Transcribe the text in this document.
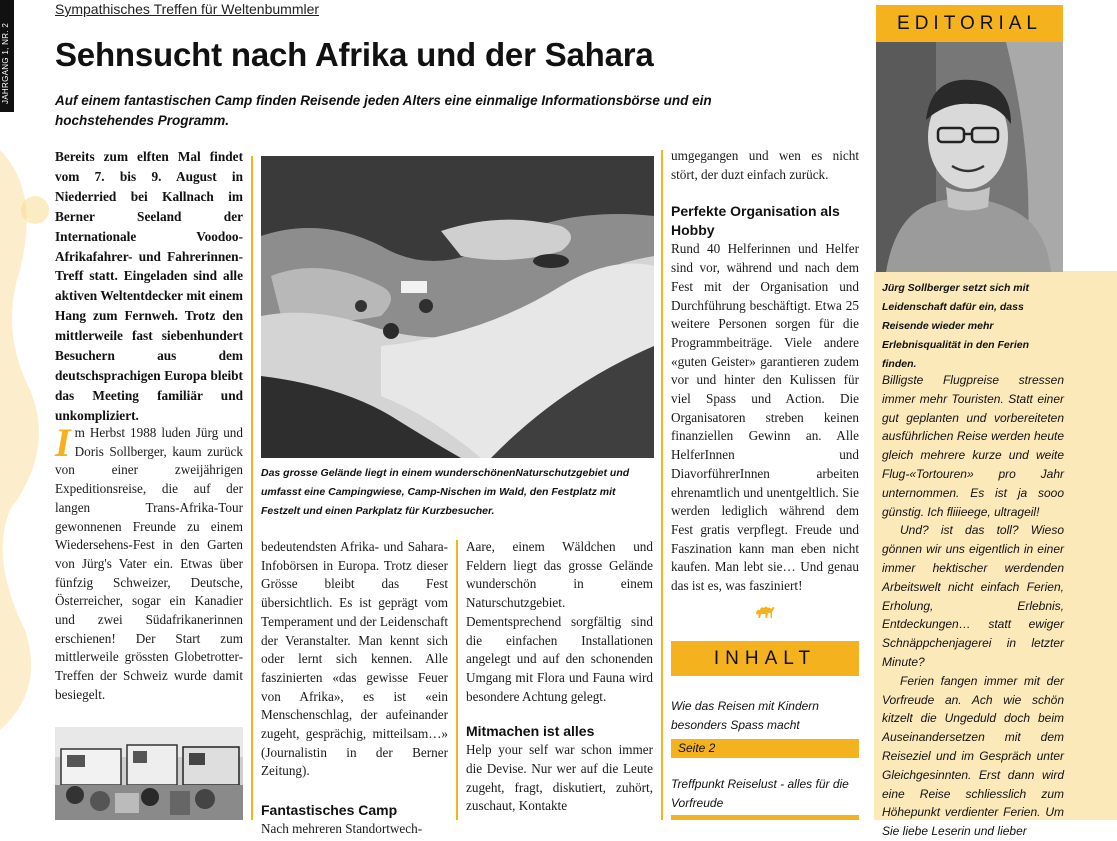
JAHRGANG 1, NR. 2
Sympathisches Treffen für Weltenbummler
Sehnsucht nach Afrika und der Sahara
Auf einem fantastischen Camp finden Reisende jeden Alters eine einmalige Informationsbörse und ein hochstehendes Programm.
Bereits zum elften Mal findet vom 7. bis 9. August in Niederried bei Kallnach im Berner Seeland der Internationale Voodoo-Afrikafahrer- und Fahrerinnen-Treff statt. Eingeladen sind alle aktiven Weltentdecker mit einem Hang zum Fernweh. Trotz den mittlerweile fast siebenhundert Besuchern aus dem deutschsprachigen Europa bleibt das Meeting familiär und unkompliziert.

Im Herbst 1988 luden Jürg und Doris Sollberger, kaum zurück von einer zweijährigen Expeditionsreise, die auf der langen Trans-Afrika-Tour gewonnenen Freunde zu einem Wiedersehens-Fest in den Garten von Jürg's Vater ein. Etwas über fünfzig Schweizer, Deutsche, Österreicher, sogar ein Kanadier und zwei Südafrikanerinnen erschienen! Der Start zum mittlerweile grössten Globetrotter-Treffen der Schweiz wurde damit besiegelt.

Das grosse Gelände liegt in einem wunderschönenNaturschutzgebiet und umfasst eine Campingwiese, Camp-Nischen im Wald, den Festplatz mit Festzelt und einen Parkplatz für Kurzbesucher.

bedeutendsten Afrika- und Sahara-Infobörsen in Europa. Trotz dieser Grösse bleibt das Fest übersichtlich. Es ist geprägt vom Temperament und der Leidenschaft der Veranstalter. Man kennt sich oder lernt sich kennen. Alle faszinierten «das gewisse Feuer von Afrika», es ist «ein Menschenschlag, der aufeinander zugeht, gesprächig, mitteilsam…» (Journalistin in der Berner Zeitung).

Fantastisches Camp

Nach mehreren Standortwech-

Aare, einem Wäldchen und Feldern liegt das grosse Gelände wunderschön in einem Naturschutzgebiet. Dementsprechend sorgfältig sind die einfachen Installationen angelegt und auf den schonenden Umgang mit Flora und Fauna wird besondere Achtung gelegt.

Mitmachen ist alles

Help your self war schon immer die Devise. Nur wer auf die Leute zugeht, fragt, diskutiert, zuhört, zuschaut, Kontakte

umgegangen und wen es nicht stört, der duzt einfach zurück.

Perfekte Organisation als Hobby

Rund 40 Helferinnen und Helfer sind vor, während und nach dem Fest mit der Organisation und Durchführung beschäftigt. Etwa 25 weitere Personen sorgen für die Programmbeiträge. Viele andere «guten Geister» garantieren zudem vor und hinter den Kulissen für viel Spass und Action. Die Organisatoren streben keinen finanziellen Gewinn an. Alle HelferInnen und DiavorführerInnen arbeiten ehrenamtlich und unentgeltlich. Sie werden lediglich während dem Fest gratis verpflegt. Freude und Faszination kann man eben nicht kaufen. Man lebt sie… Und genau das ist es, was fasziniert!

INHALT
Wie das Reisen mit Kindern besonders Spass macht
Seite 2
Treffpunkt Reiselust - alles für die Vorfreude
EDITORIAL
Jürg Sollberger setzt sich mit Leidenschaft dafür ein, dass Reisende wieder mehr Erlebnisqualität in den Ferien finden.

Billigste Flugpreise stressen immer mehr Touristen. Statt einer gut geplanten und vorbereiteten ausführlichen Reise werden heute gleich mehrere kurze und weite Flug-«Tortouren» pro Jahr unternommen. Es ist ja sooo günstig. Ich fliiieege, ultrageil!

Und? ist das toll? Wieso gönnen wir uns eigentlich in einer immer hektischer werdenden Arbeitswelt nicht einfach Ferien, Erholung, Erlebnis, Entdeckungen… statt ewiger Schnäppchenjagerei in letzter Minute?

Ferien fangen immer mit der Vorfreude an. Ach wie schön kitzelt die Ungeduld doch beim Auseinandersetzen mit dem Reiseziel und im Gespräch unter Gleichgesinnten. Erst dann wird eine Reise schliesslich zum Höhepunkt verdienter Ferien. Um Sie liebe Leserin und lieber
